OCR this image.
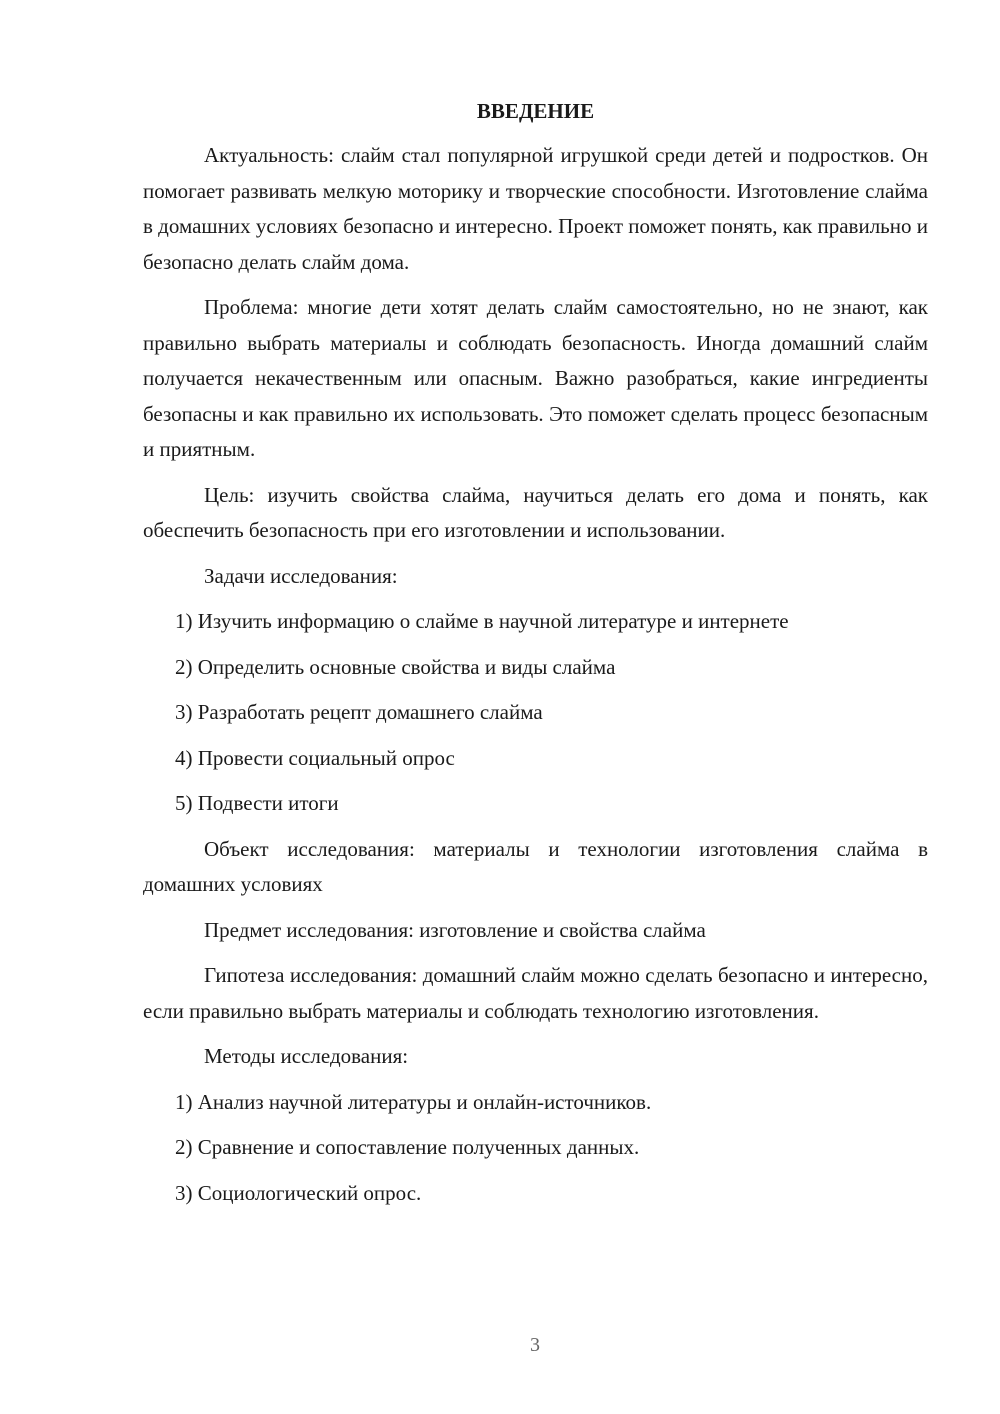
ВВЕДЕНИЕ

Актуальность: слайм стал популярной игрушкой среди детей и подростков. Он помогает развивать мелкую моторику и творческие способности. Изготовление слайма в домашних условиях безопасно и интересно. Проект поможет понять, как правильно и безопасно делать слайм дома.

Проблема: многие дети хотят делать слайм самостоятельно, но не знают, как правильно выбрать материалы и соблюдать безопасность. Иногда домашний слайм получается некачественным или опасным. Важно разобраться, какие ингредиенты безопасны и как правильно их использовать. Это поможет сделать процесс безопасным и приятным.

Цель: изучить свойства слайма, научиться делать его дома и понять, как обеспечить безопасность при его изготовлении и использовании.

Задачи исследования:
1) Изучить информацию о слайме в научной литературе и интернете
2) Определить основные свойства и виды слайма
3) Разработать рецепт домашнего слайма
4) Провести социальный опрос
5) Подвести итоги

Объект исследования: материалы и технологии изготовления слайма в домашних условиях

Предмет исследования: изготовление и свойства слайма

Гипотеза исследования: домашний слайм можно сделать безопасно и интересно, если правильно выбрать материалы и соблюдать технологию изготовления.

Методы исследования:
1) Анализ научной литературы и онлайн-источников.
2) Сравнение и сопоставление полученных данных.
3) Социологический опрос.
3
